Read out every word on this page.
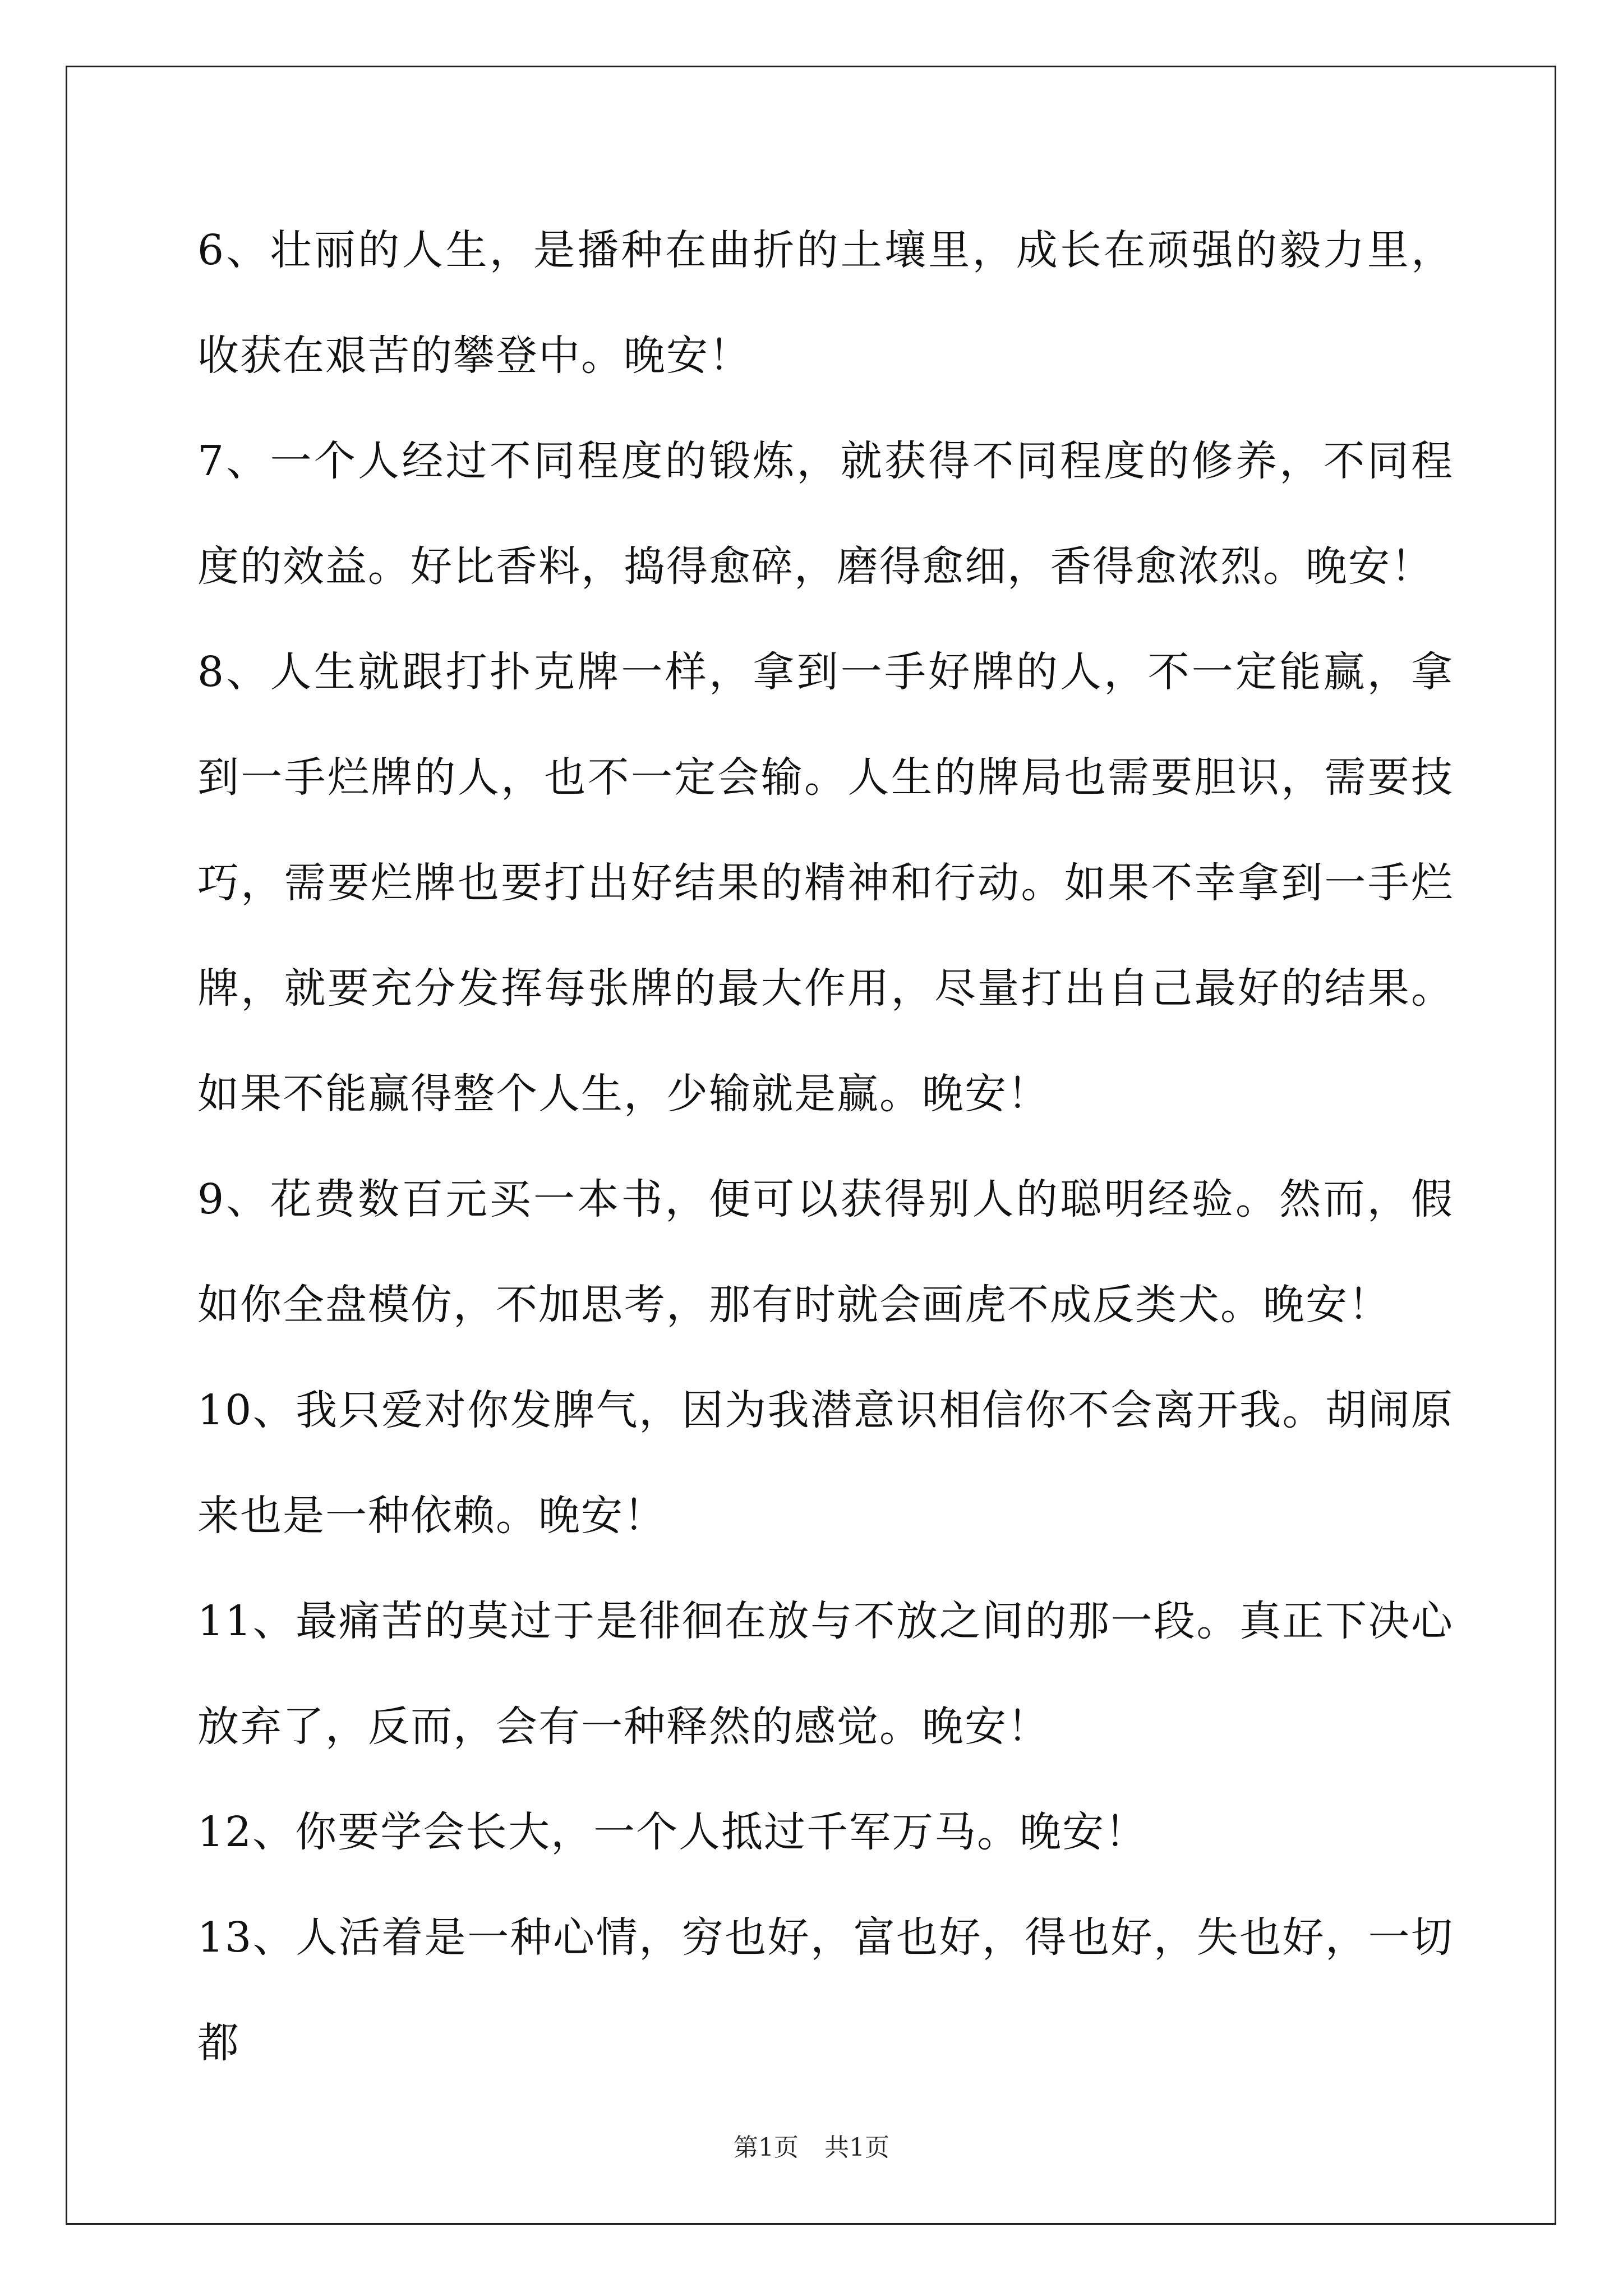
6、壮丽的人生，是播种在曲折的土壤里，成长在顽强的毅力里，收获在艰苦的攀登中。晚安！

7、一个人经过不同程度的锻炼，就获得不同程度的修养，不同程度的效益。好比香料，捣得愈碎，磨得愈细，香得愈浓烈。晚安！

8、人生就跟打扑克牌一样，拿到一手好牌的人，不一定能赢，拿到一手烂牌的人，也不一定会输。人生的牌局也需要胆识，需要技巧，需要烂牌也要打出好结果的精神和行动。如果不幸拿到一手烂牌，就要充分发挥每张牌的最大作用，尽量打出自己最好的结果。如果不能赢得整个人生，少输就是赢。晚安！

9、花费数百元买一本书，便可以获得别人的聪明经验。然而，假如你全盘模仿，不加思考，那有时就会画虎不成反类犬。晚安！

10、我只爱对你发脾气，因为我潜意识相信你不会离开我。胡闹原来也是一种依赖。晚安！

11、最痛苦的莫过于是徘徊在放与不放之间的那一段。真正下决心放弃了，反而，会有一种释然的感觉。晚安！

12、你要学会长大，一个人抵过千军万马。晚安！

13、人活着是一种心情，穷也好，富也好，得也好，失也好，一切都

第1页 共1页
